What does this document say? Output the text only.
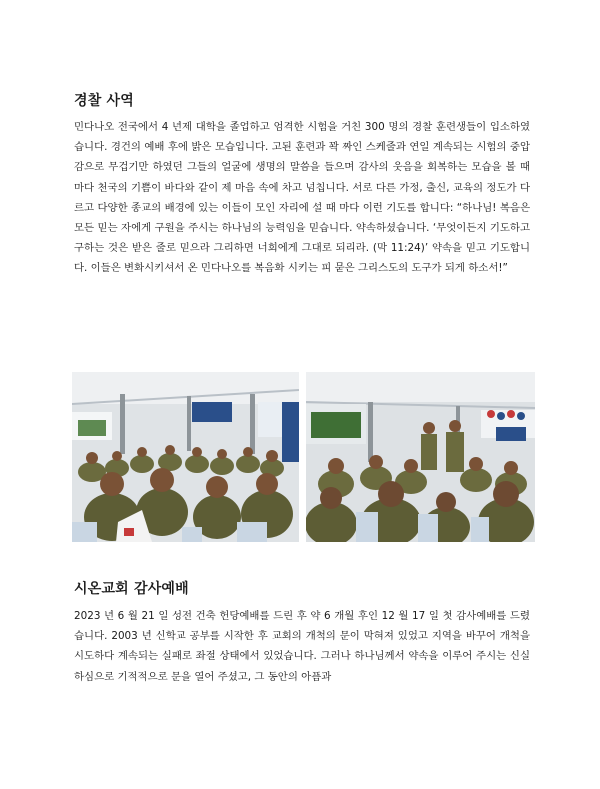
경찰 사역

민다나오 전국에서 4 년제 대학을 졸업하고 엄격한 시험을 거친 300 명의 경찰 훈련생들이 입소하였습니다. 경건의 예배 후에 밝은 모습입니다. 고된 훈련과 꽉 짜인 스케줄과 연일 계속되는 시험의 중압감으로 무겁기만 하였던 그들의 얼굴에 생명의 말씀을 들으며 감사의 웃음을 회복하는 모습을 볼 때 마다 천국의 기쁨이 바다와 같이 제 마음 속에 차고 넘칩니다. 서로 다른 가정, 출신, 교육의 정도가 다르고 다양한 종교의 배경에 있는 이들이 모인 자리에 설 때 마다 이런 기도를 합니다: “하나님! 복음은 모든 믿는 자에게 구원을 주시는 하나님의 능력임을 믿습니다. 약속하셨습니다. ‘무엇이든지 기도하고 구하는 것은 받은 줄로 믿으라 그리하면 너희에게 그대로 되리라. (막 11:24)’ 약속을 믿고 기도합니다. 이들은 변화시키셔서 온 민다나오를 복음화 시키는 피 묻은 그리스도의 도구가 되게 하소서!”

시온교회 감사예배

2023 년 6 월 21 일 성전 건축 헌당예배를 드린 후 약 6 개월 후인 12 월 17 일 첫 감사예배를 드렸습니다. 2003 년 신학교 공부를 시작한 후 교회의 개척의 문이 막혀져 있었고 지역을 바꾸어 개척을 시도하다 계속되는 실패로 좌절 상태에서 있었습니다. 그러나 하나님께서 약속을 이루어 주시는 신실하심으로 기적적으로 문을 열어 주셨고, 그 동안의 아픔과
